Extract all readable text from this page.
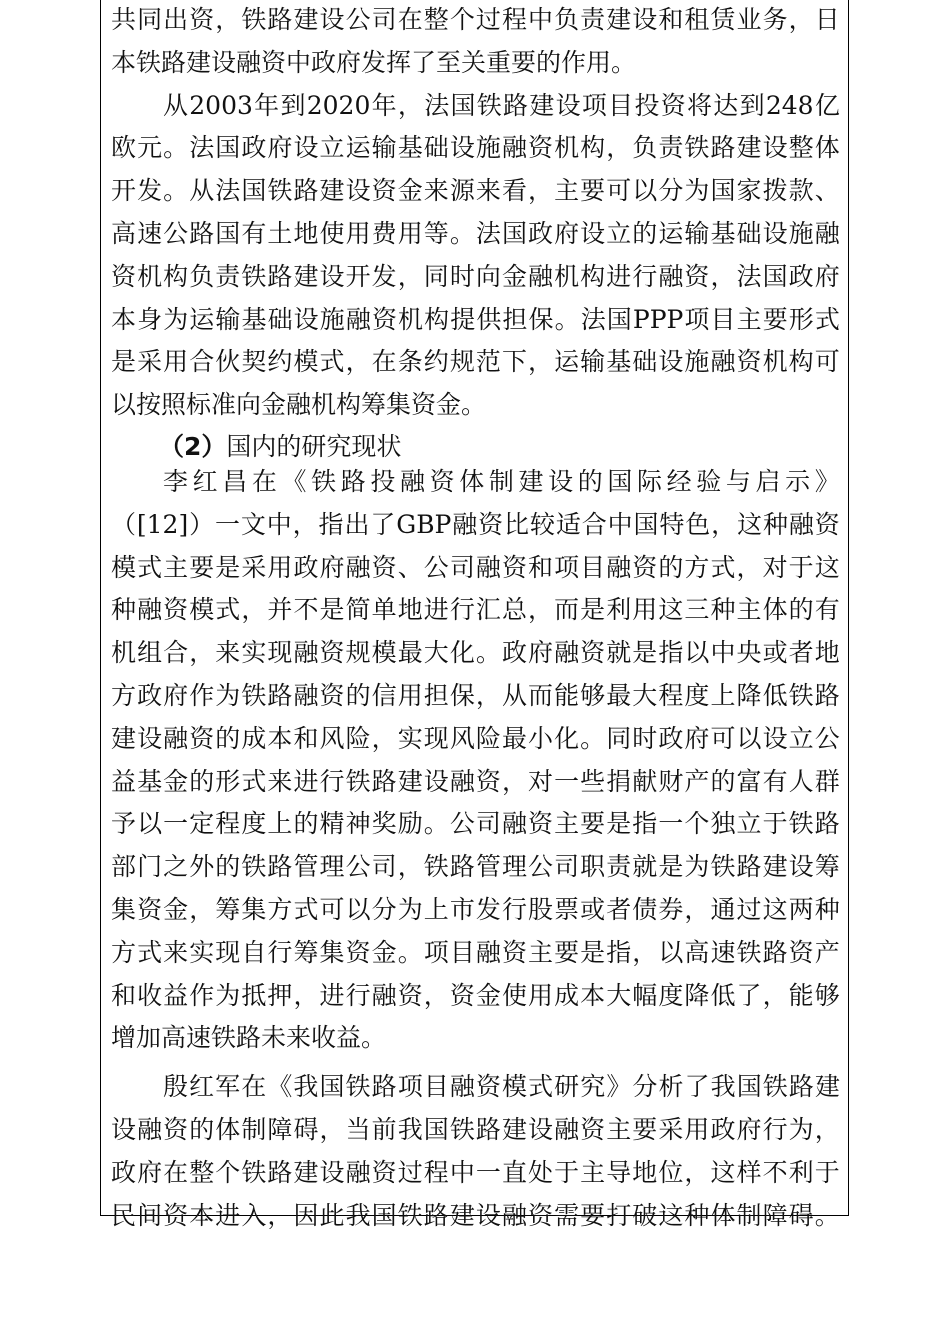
共 同 出 资 ， 铁 路 建 设 公 司 在 整 个 过 程 中 负 责 建 设 和 租 赁 业 务 ， 日
本铁路建设融资中政府发挥了至关重要的作用。
从 2003 年 到 2020 年 ， 法 国 铁 路 建 设 项 目 投 资 将 达 到 248 亿
欧 元 。 法 国 政 府 设 立 运 输 基 础 设 施 融 资 机 构 ， 负 责 铁 路 建 设 整 体
开 发 。 从 法 国 铁 路 建 设 资 金 来 源 来 看 ， 主 要 可 以 分 为 国 家 拨 款 、
高 速 公 路 国 有 土 地 使 用 费 用 等 。 法 国 政 府 设 立 的 运 输 基 础 设 施 融
资 机 构 负 责 铁 路 建 设 开 发 ， 同 时 向 金 融 机 构 进 行 融 资 ， 法 国 政 府
本 身 为 运 输 基 础 设 施 融 资 机 构 提 供 担 保 。 法 国 PPP 项 目 主 要 形 式
是 采 用 合 伙 契 约 模 式 ， 在 条 约 规 范 下 ， 运 输 基 础 设 施 融 资 机 构 可
以按照标准向金融机构筹集资金。
（2） 国内的研究现状
李 红 昌 在 《 铁 路 投 融 资 体 制 建 设 的 国 际 经 验 与 启 示 》
（ [12] ） 一 文 中 ， 指 出 了 GBP 融 资 比 较 适 合 中 国 特 色 ， 这 种 融 资
模 式 主 要 是 采 用 政 府 融 资 、 公 司 融 资 和 项 目 融 资 的 方 式 ， 对 于 这
种 融 资 模 式 ， 并 不 是 简 单 地 进 行 汇 总 ， 而 是 利 用 这 三 种 主 体 的 有
机 组 合 ， 来 实 现 融 资 规 模 最 大 化 。 政 府 融 资 就 是 指 以 中 央 或 者 地
方 政 府 作 为 铁 路 融 资 的 信 用 担 保 ， 从 而 能 够 最 大 程 度 上 降 低 铁 路
建 设 融 资 的 成 本 和 风 险 ， 实 现 风 险 最 小 化 。 同 时 政 府 可 以 设 立 公
益 基 金 的 形 式 来 进 行 铁 路 建 设 融 资 ， 对 一 些 捐 献 财 产 的 富 有 人 群
予 以 一 定 程 度 上 的 精 神 奖 励 。 公 司 融 资 主 要 是 指 一 个 独 立 于 铁 路
部 门 之 外 的 铁 路 管 理 公 司 ， 铁 路 管 理 公 司 职 责 就 是 为 铁 路 建 设 筹
集 资 金 ， 筹 集 方 式 可 以 分 为 上 市 发 行 股 票 或 者 债 券 ， 通 过 这 两 种
方 式 来 实 现 自 行 筹 集 资 金 。 项 目 融 资 主 要 是 指 ， 以 高 速 铁 路 资 产
和 收 益 作 为 抵 押 ， 进 行 融 资 ， 资 金 使 用 成 本 大 幅 度 降 低 了 ， 能 够
增加高速铁路未来收益。
殷 红 军 在 《 我 国 铁 路 项 目 融 资 模 式 研 究 》 分 析 了 我 国 铁 路 建
设 融 资 的 体 制 障 碍 ， 当 前 我 国 铁 路 建 设 融 资 主 要 采 用 政 府 行 为 ，
政 府 在 整 个 铁 路 建 设 融 资 过 程 中 一 直 处 于 主 导 地 位 ， 这 样 不 利 于
民 间 资 本 进 入 ， 因 此 我 国 铁 路 建 设 融 资 需 要 打 破 这 种 体 制 障 碍 。
